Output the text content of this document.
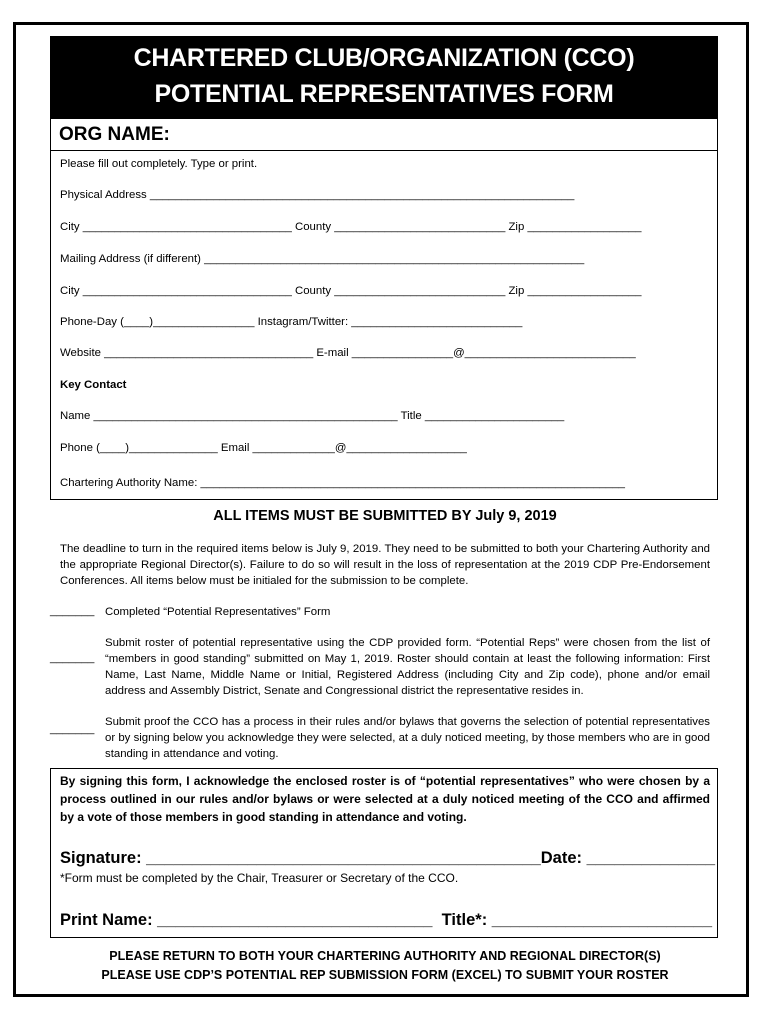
CHARTERED CLUB/ORGANIZATION (CCO)
POTENTIAL REPRESENTATIVES FORM
ORG NAME:
Please fill out completely. Type or print.
Physical Address ___________________________________________________________________
City _________________________________ County ___________________________ Zip __________________
Mailing Address (if different) ____________________________________________________________
City _________________________________ County ___________________________ Zip __________________
Phone-Day (____)________________ Instagram/Twitter: ___________________________
Website _________________________________ E-mail ________________@___________________________
Key Contact
Name ________________________________________________ Title ______________________
Phone (____)______________ Email _____________@___________________
Chartering Authority Name: ___________________________________________________________________
ALL ITEMS MUST BE SUBMITTED BY July 9, 2019
The deadline to turn in the required items below is July 9, 2019. They need to be submitted to both your Chartering Authority and the appropriate Regional Director(s). Failure to do so will result in the loss of representation at the 2019 CDP Pre-Endorsement Conferences. All items below must be initialed for the submission to be complete.
_______ Completed “Potential Representatives” Form
_______
Submit roster of potential representative using the CDP provided form. “Potential Reps” were chosen from the list of “members in good standing” submitted on May 1, 2019. Roster should contain at least the following information: First Name, Last Name, Middle Name or Initial, Registered Address (including City and Zip code), phone and/or email address and Assembly District, Senate and Congressional district the representative resides in.
_______
Submit proof the CCO has a process in their rules and/or bylaws that governs the selection of potential representatives or by signing below you acknowledge they were selected, at a duly noticed meeting, by those members who are in good standing in attendance and voting.
By signing this form, I acknowledge the enclosed roster is of “potential representatives” who were chosen by a process outlined in our rules and/or bylaws or were selected at a duly noticed meeting of the CCO and affirmed by a vote of those members in good standing in attendance and voting.
Signature: ___________________________________________Date: ______________
*Form must be completed by the Chair, Treasurer or Secretary of the CCO.
Print Name: ______________________________  Title*: ________________________
PLEASE RETURN TO BOTH YOUR CHARTERING AUTHORITY AND REGIONAL DIRECTOR(S)
PLEASE USE CDP’S POTENTIAL REP SUBMISSION FORM (EXCEL) TO SUBMIT YOUR ROSTER
